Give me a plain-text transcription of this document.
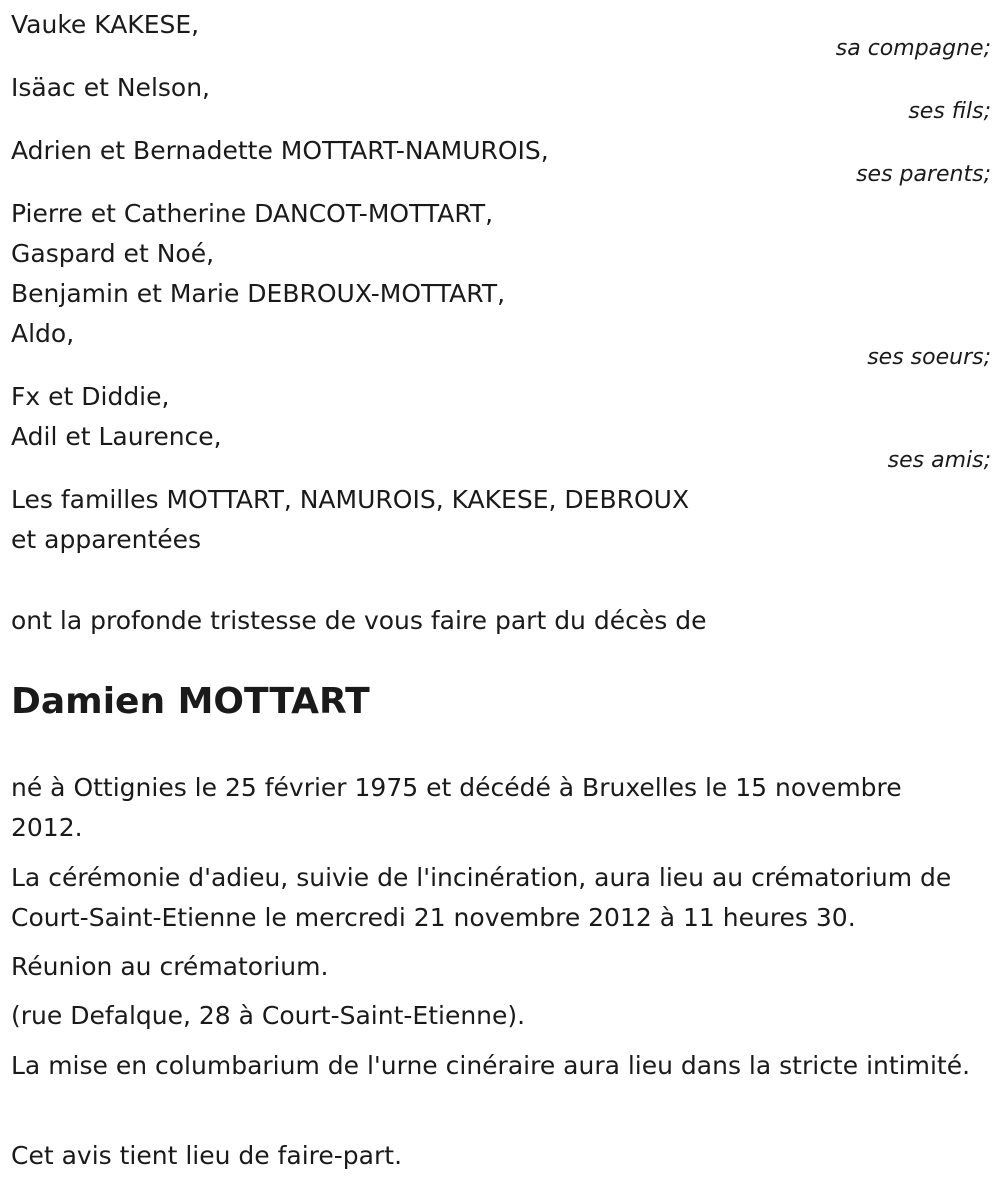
Vauke KAKESE,
sa compagne;
Isäac et Nelson,
ses fils;
Adrien et Bernadette MOTTART-NAMUROIS,
ses parents;
Pierre et Catherine DANCOT-MOTTART,
Gaspard et Noé,
Benjamin et Marie DEBROUX-MOTTART,
Aldo,
ses soeurs;
Fx et Diddie,
Adil et Laurence,
ses amis;
Les familles MOTTART, NAMUROIS, KAKESE, DEBROUX
et apparentées
ont la profonde tristesse de vous faire part du décès de
Damien MOTTART
né à Ottignies le 25 février 1975 et décédé à Bruxelles le 15 novembre 2012.
La cérémonie d'adieu, suivie de l'incinération, aura lieu au crématorium de Court-Saint-Etienne le mercredi 21 novembre 2012 à 11 heures 30.
Réunion au crématorium.
(rue Defalque, 28 à Court-Saint-Etienne).
La mise en columbarium de l'urne cinéraire aura lieu dans la stricte intimité.
Cet avis tient lieu de faire-part.
